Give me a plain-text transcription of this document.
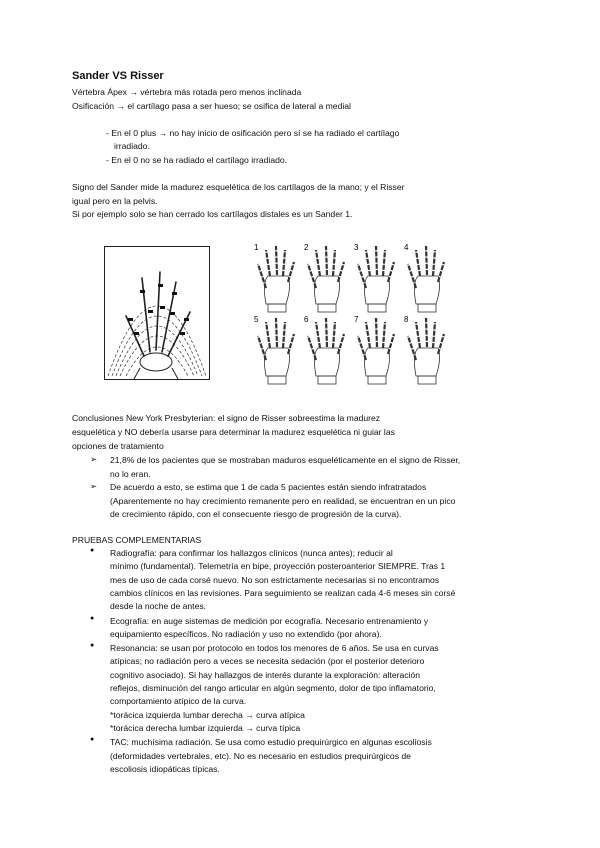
Sander VS Risser
Vértebra Ápex → vértebra más rotada pero menos inclinada
Osificación → el cartílago pasa a ser hueso; se osifica de lateral a medial
- En el 0 plus → no hay inicio de osificación pero sí se ha radiado el cartílago
irradiado.
- En el 0 no se ha radiado el cartílago irradiado.
Signo del Sander mide la madurez esquelética de los cartílagos de la mano; y el Risser
igual pero en la pelvis.
Si por ejemplo solo se han cerrado los cartílagos distales es un Sander 1.
1	2	3	4
5	6	7	8
Conclusiones New York Presbyterian: el signo de Risser sobreestima la madurez
esquelética y NO debería usarse para determinar la madurez esquelética ni guiar las
opciones de tratamiento
➢ 21,8% de los pacientes que se mostraban maduros esqueléticamente en el signo de Risser,
no lo eran.
➢ De acuerdo a esto, se estima que 1 de cada 5 pacientes están siendo infratratados
(Aparentemente no hay crecimiento remanente pero en realidad, se encuentran en un pico
de crecimiento rápido, con el consecuente riesgo de progresión de la curva).
PRUEBAS COMPLEMENTARIAS
● Radiografía: para confirmar los hallazgos clínicos (nunca antes); reducir al
mínimo (fundamental). Telemetría en bipe, proyección posteroanterior SIEMPRE. Tras 1
mes de uso de cada corsé nuevo. No son estrictamente necesarias si no encontramos
cambios clínicos en las revisiones. Para seguimiento se realizan cada 4-6 meses sin corsé
desde la noche de antes.
● Ecografía: en auge sistemas de medición por ecografía. Necesario entrenamiento y
equipamiento específicos. No radiación y uso no extendido (por ahora).
● Resonancia: se usan por protocolo en todos los menores de 6 años. Se usa en curvas
atípicas; no radiación pero a veces se necesita sedación (por el posterior deterioro
cognitivo asociado). Si hay hallazgos de interés durante la exploración: alteración
reflejos, disminución del rango articular en algún segmento, dolor de tipo inflamatorio,
comportamiento atípico de la curva.
*torácica izquierda lumbar derecha → curva atípica
*torácica derecha lumbar izquierda → curva típica
● TAC: muchísima radiación. Se usa como estudio prequirúrgico en algunas escoliosis
(deformidades vertebrales, etc). No es necesario en estudios prequirúrgicos de
escoliosis idiopáticas típicas.
